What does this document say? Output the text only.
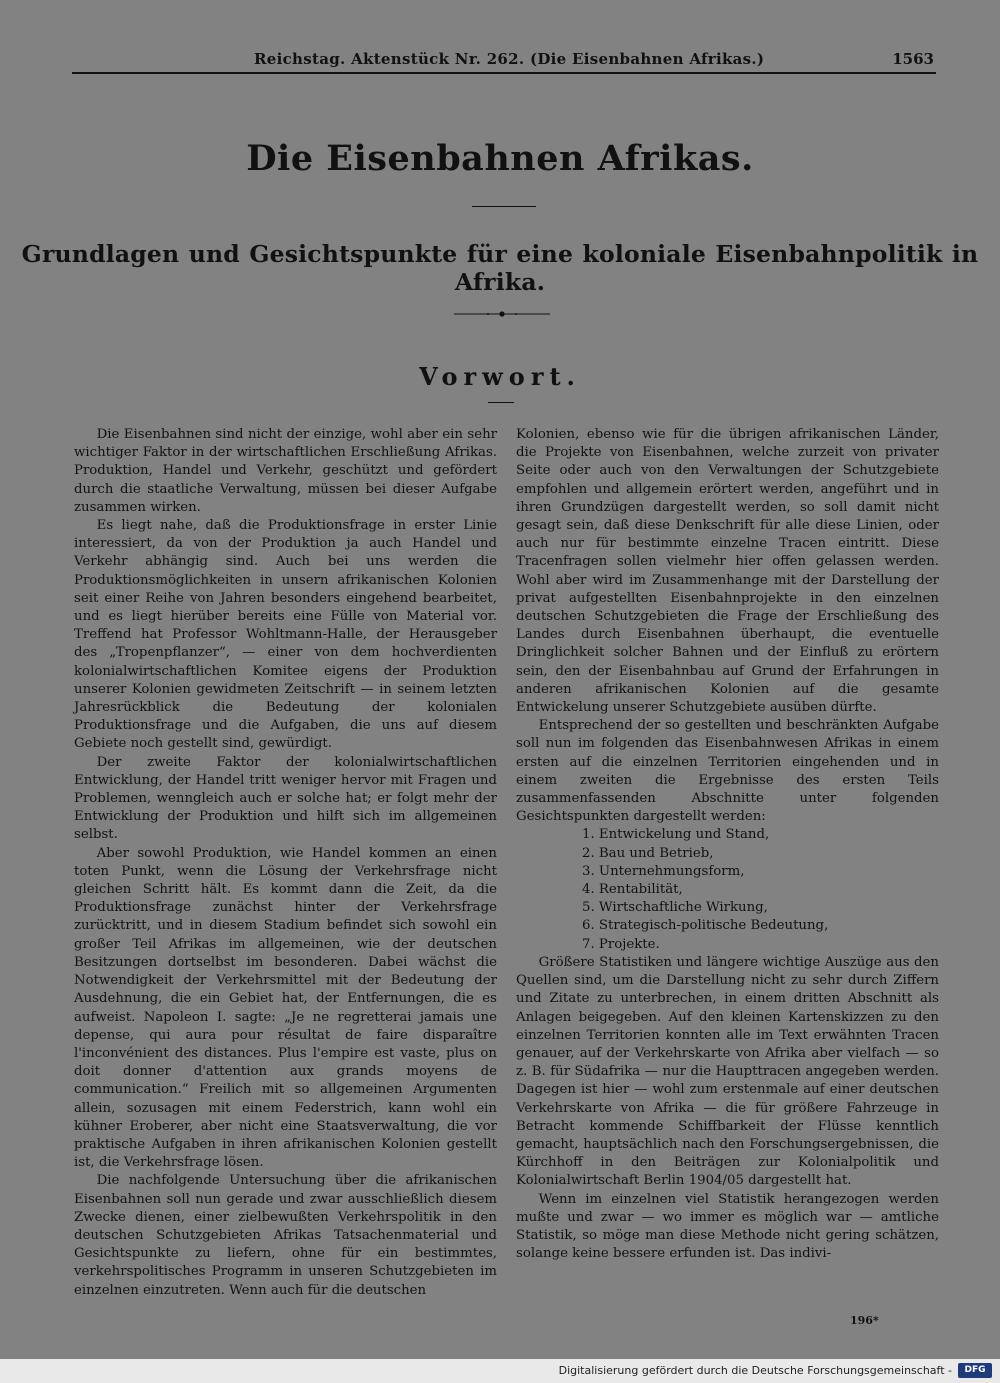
Reichstag. Aktenstück Nr. 262. (Die Eisenbahnen Afrikas.)	1563
Die Eisenbahnen Afrikas.
Grundlagen und Gesichtspunkte für eine koloniale Eisenbahnpolitik in Afrika.
Vorwort.

Die Eisenbahnen sind nicht der einzige, wohl aber ein sehr wichtiger Faktor in der wirtschaftlichen Erschließung Afrikas. Produktion, Handel und Verkehr, geschützt und gefördert durch die staatliche Verwaltung, müssen bei dieser Aufgabe zusammen wirken.

Es liegt nahe, daß die Produktionsfrage in erster Linie interessiert, da von der Produktion ja auch Handel und Verkehr abhängig sind. Auch bei uns werden die Produktionsmöglichkeiten in unsern afrikanischen Kolonien seit einer Reihe von Jahren besonders eingehend bearbeitet, und es liegt hierüber bereits eine Fülle von Material vor. Treffend hat Professor Wohltmann-Halle, der Herausgeber des „Tropenpflanzer“, — einer von dem hochverdienten kolonialwirtschaftlichen Komitee eigens der Produktion unserer Kolonien gewidmeten Zeitschrift — in seinem letzten Jahresrückblick die Bedeutung der kolonialen Produktionsfrage und die Aufgaben, die uns auf diesem Gebiete noch gestellt sind, gewürdigt.

Der zweite Faktor der kolonialwirtschaftlichen Entwicklung, der Handel tritt weniger hervor mit Fragen und Problemen, wenngleich auch er solche hat; er folgt mehr der Entwicklung der Produktion und hilft sich im allgemeinen selbst.

Aber sowohl Produktion, wie Handel kommen an einen toten Punkt, wenn die Lösung der Verkehrsfrage nicht gleichen Schritt hält. Es kommt dann die Zeit, da die Produktionsfrage zunächst hinter der Verkehrsfrage zurücktritt, und in diesem Stadium befindet sich sowohl ein großer Teil Afrikas im allgemeinen, wie der deutschen Besitzungen dortselbst im besonderen. Dabei wächst die Notwendigkeit der Verkehrsmittel mit der Bedeutung der Ausdehnung, die ein Gebiet hat, der Entfernungen, die es aufweist. Napoleon I. sagte: „Je ne regretterai jamais une depense, qui aura pour résultat de faire disparaître l'inconvénient des distances. Plus l'empire est vaste, plus on doit donner d'attention aux grands moyens de communication.“ Freilich mit so allgemeinen Argumenten allein, sozusagen mit einem Federstrich, kann wohl ein kühner Eroberer, aber nicht eine Staatsverwaltung, die vor praktische Aufgaben in ihren afrikanischen Kolonien gestellt ist, die Verkehrsfrage lösen.

Die nachfolgende Untersuchung über die afrikanischen Eisenbahnen soll nun gerade und zwar ausschließlich diesem Zwecke dienen, einer zielbewußten Verkehrspolitik in den deutschen Schutzgebieten Afrikas Tatsachenmaterial und Gesichtspunkte zu liefern, ohne für ein bestimmtes, verkehrspolitisches Programm in unseren Schutzgebieten im einzelnen einzutreten. Wenn auch für die deutschen

Kolonien, ebenso wie für die übrigen afrikanischen Länder, die Projekte von Eisenbahnen, welche zurzeit von privater Seite oder auch von den Verwaltungen der Schutzgebiete empfohlen und allgemein erörtert werden, angeführt und in ihren Grundzügen dargestellt werden, so soll damit nicht gesagt sein, daß diese Denkschrift für alle diese Linien, oder auch nur für bestimmte einzelne Tracen eintritt. Diese Tracenfragen sollen vielmehr hier offen gelassen werden. Wohl aber wird im Zusammenhange mit der Darstellung der privat aufgestellten Eisenbahnprojekte in den einzelnen deutschen Schutzgebieten die Frage der Erschließung des Landes durch Eisenbahnen überhaupt, die eventuelle Dringlichkeit solcher Bahnen und der Einfluß zu erörtern sein, den der Eisenbahnbau auf Grund der Erfahrungen in anderen afrikanischen Kolonien auf die gesamte Entwickelung unserer Schutzgebiete ausüben dürfte.

Entsprechend der so gestellten und beschränkten Aufgabe soll nun im folgenden das Eisenbahnwesen Afrikas in einem ersten auf die einzelnen Territorien eingehenden und in einem zweiten die Ergebnisse des ersten Teils zusammenfassenden Abschnitte unter folgenden Gesichtspunkten dargestellt werden:

1. Entwickelung und Stand,
2. Bau und Betrieb,
3. Unternehmungsform,
4. Rentabilität,
5. Wirtschaftliche Wirkung,
6. Strategisch-politische Bedeutung,
7. Projekte.

Größere Statistiken und längere wichtige Auszüge aus den Quellen sind, um die Darstellung nicht zu sehr durch Ziffern und Zitate zu unterbrechen, in einem dritten Abschnitt als Anlagen beigegeben. Auf den kleinen Kartenskizzen zu den einzelnen Territorien konnten alle im Text erwähnten Tracen genauer, auf der Verkehrskarte von Afrika aber vielfach — so z. B. für Südafrika — nur die Haupttracen angegeben werden. Dagegen ist hier — wohl zum erstenmale auf einer deutschen Verkehrskarte von Afrika — die für größere Fahrzeuge in Betracht kommende Schiffbarkeit der Flüsse kenntlich gemacht, hauptsächlich nach den Forschungsergebnissen, die Kürchhoff in den Beiträgen zur Kolonialpolitik und Kolonialwirtschaft Berlin 1904/05 dargestellt hat.

Wenn im einzelnen viel Statistik herangezogen werden mußte und zwar — wo immer es möglich war — amtliche Statistik, so möge man diese Methode nicht gering schätzen, solange keine bessere erfunden ist. Das indivi-

196*
Digitalisierung gefördert durch die Deutsche Forschungsgemeinschaft -	DFG
